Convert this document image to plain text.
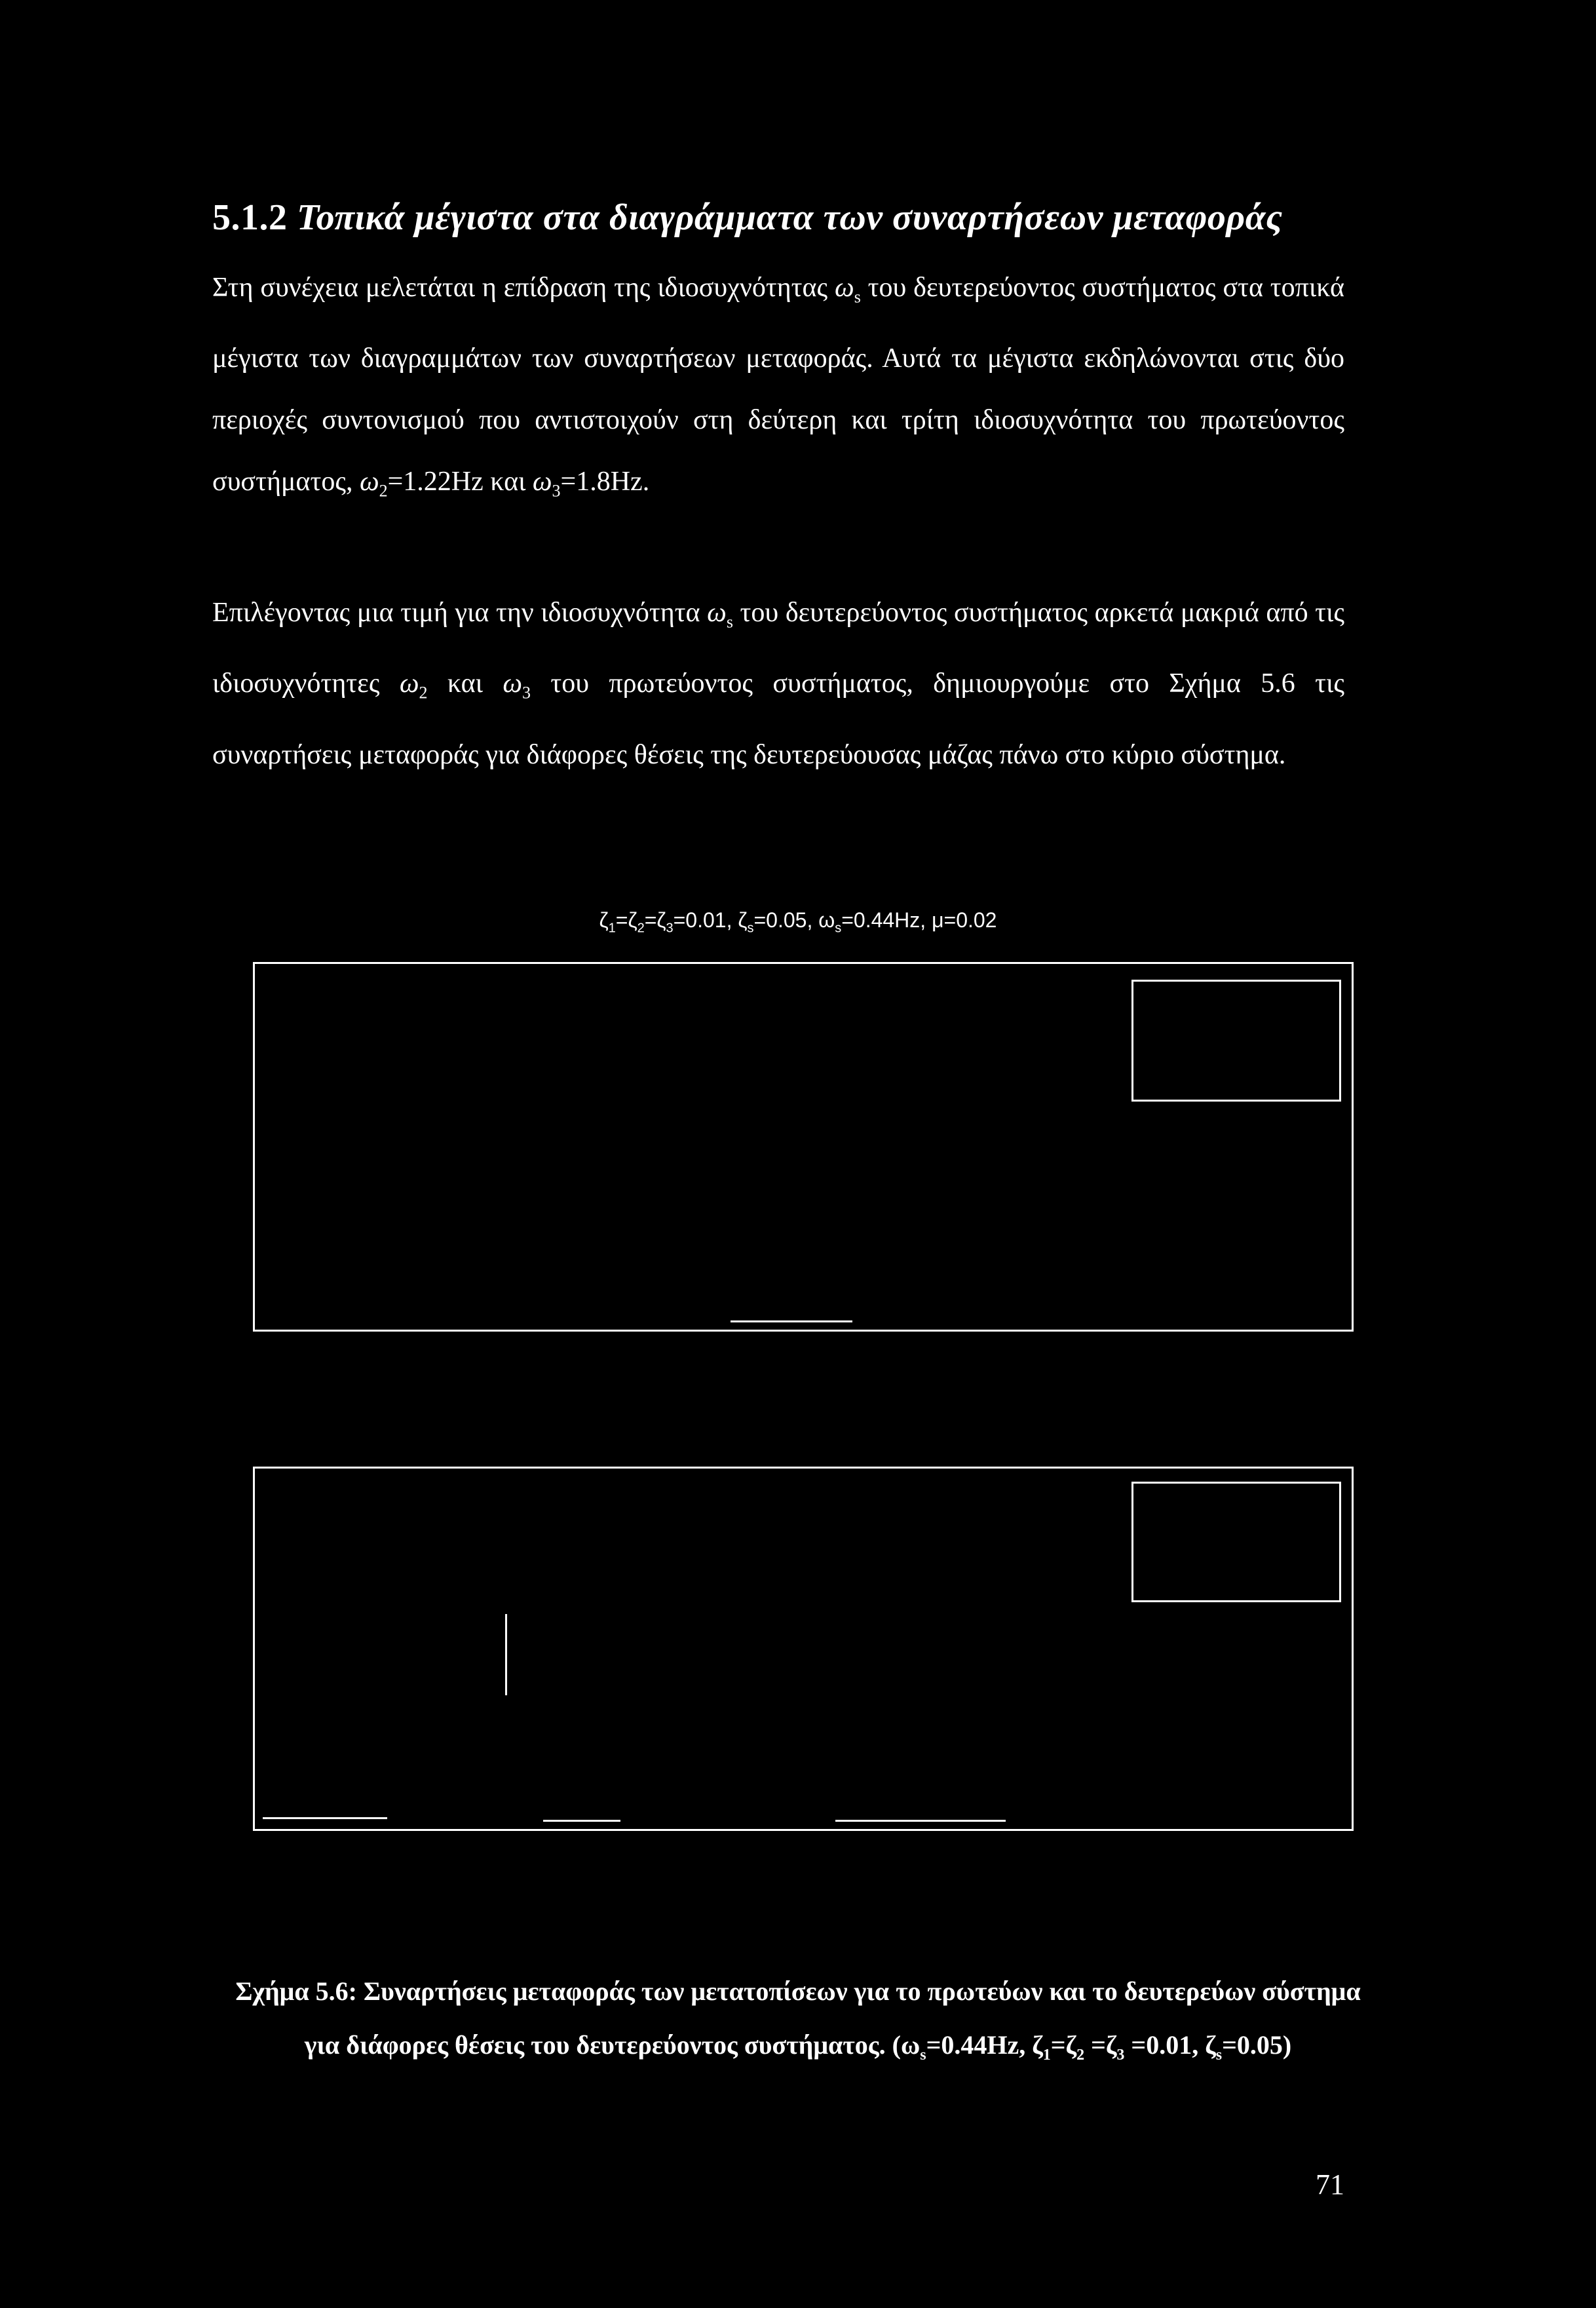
5.1.2 Τοπικά μέγιστα στα διαγράμματα των συναρτήσεων μεταφοράς
Στη συνέχεια μελετάται η επίδραση της ιδιοσυχνότητας $\omega_s$ του δευτερεύοντος συστήματος στα τοπικά μέγιστα των διαγραμμάτων των συναρτήσεων μεταφοράς. Αυτά τα μέγιστα εκδηλώνονται στις δύο περιοχές συντονισμού που αντιστοιχούν στη δεύτερη και τρίτη ιδιοσυχνότητα του πρωτεύοντος συστήματος, $\omega_2=1.22Hz$ και $\omega_3=1.8Hz$.
Επιλέγοντας μια τιμή για την ιδιοσυχνότητα $\omega_s$ του δευτερεύοντος συστήματος αρκετά μακριά από τις ιδιοσυχνότητες $\omega_2$ και $\omega_3$ του πρωτεύοντος συστήματος, δημιουργούμε στο Σχήμα 5.6 τις συναρτήσεις μεταφοράς για διάφορες θέσεις της δευτερεύουσας μάζας πάνω στο κύριο σύστημα.
$\zeta_1=\zeta_2=\zeta_3=0.01$, $\zeta_s=0.05$, $\omega_s=0.44Hz$, μ=0.02
Σχήμα 5.6: Συναρτήσεις μεταφοράς των μετατοπίσεων για το πρωτεύων και το δευτερεύων σύστημα για διάφορες θέσεις του δευτερεύοντος συστήματος. ($\omega_s=0.44Hz$, $\zeta_1=\zeta_2 =\zeta_3 =0.01$, $\zeta_s=0.05$)
71
